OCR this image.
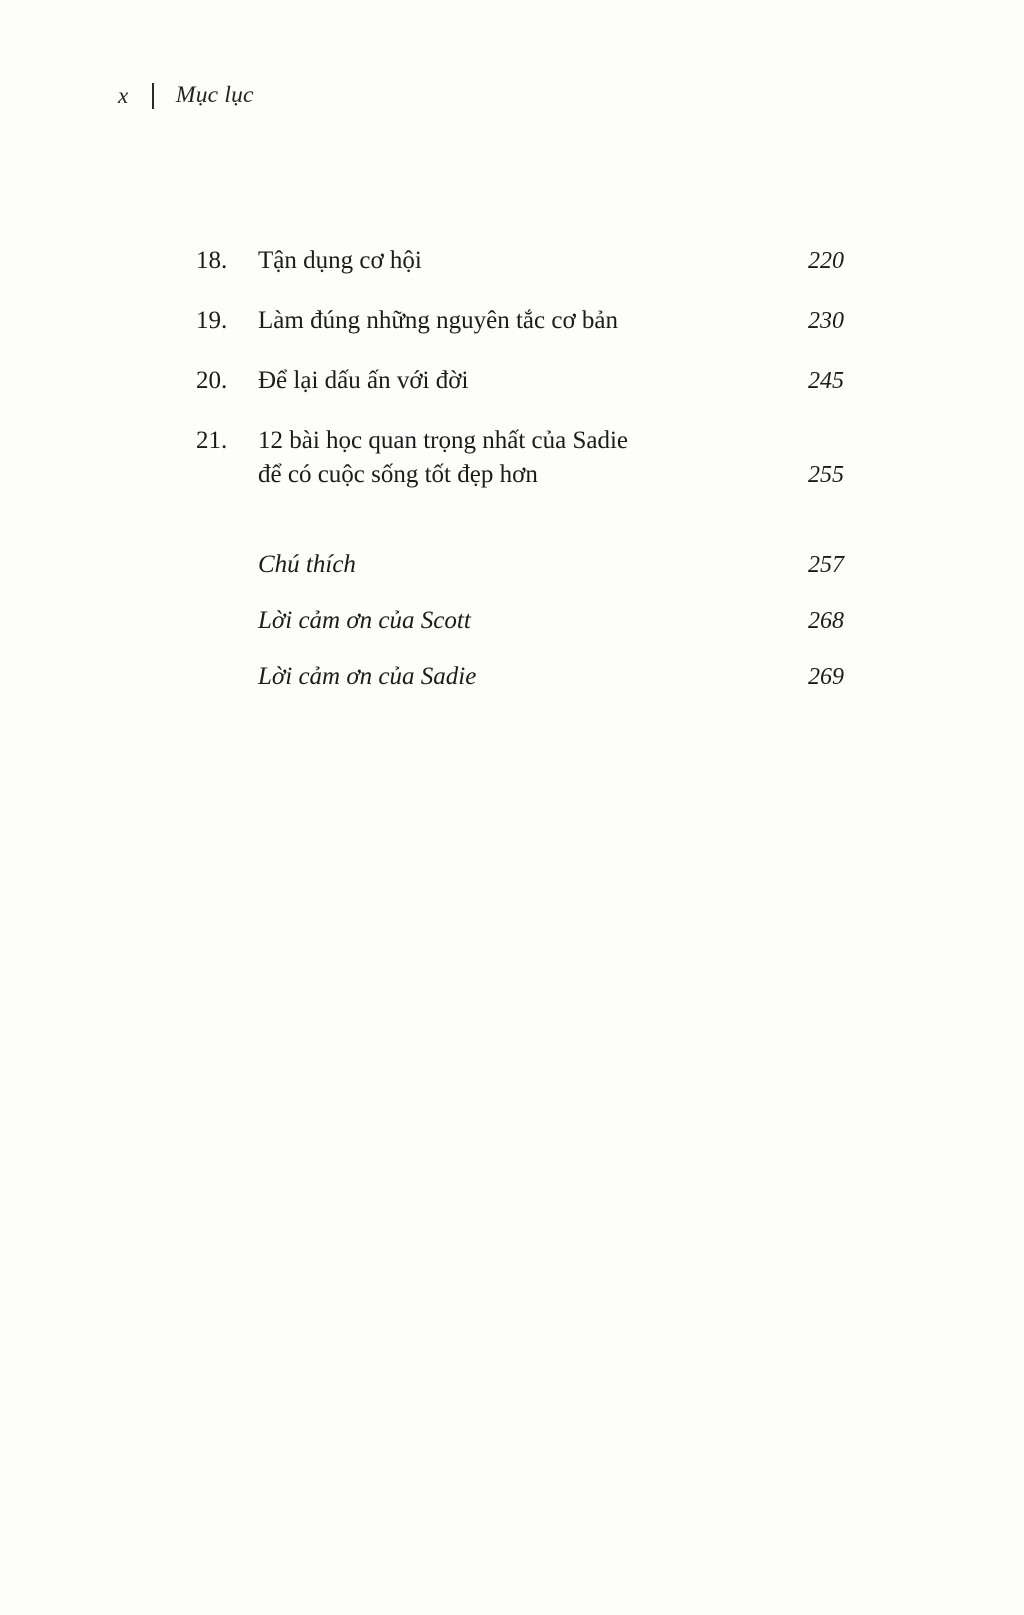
x Mục lục
18.	Tận dụng cơ hội	220
19.	Làm đúng những nguyên tắc cơ bản	230
20.	Để lại dấu ấn với đời	245
21.	12 bài học quan trọng nhất của Sadie
để có cuộc sống tốt đẹp hơn	255
Chú thích	257
Lời cảm ơn của Scott	268
Lời cảm ơn của Sadie	269
